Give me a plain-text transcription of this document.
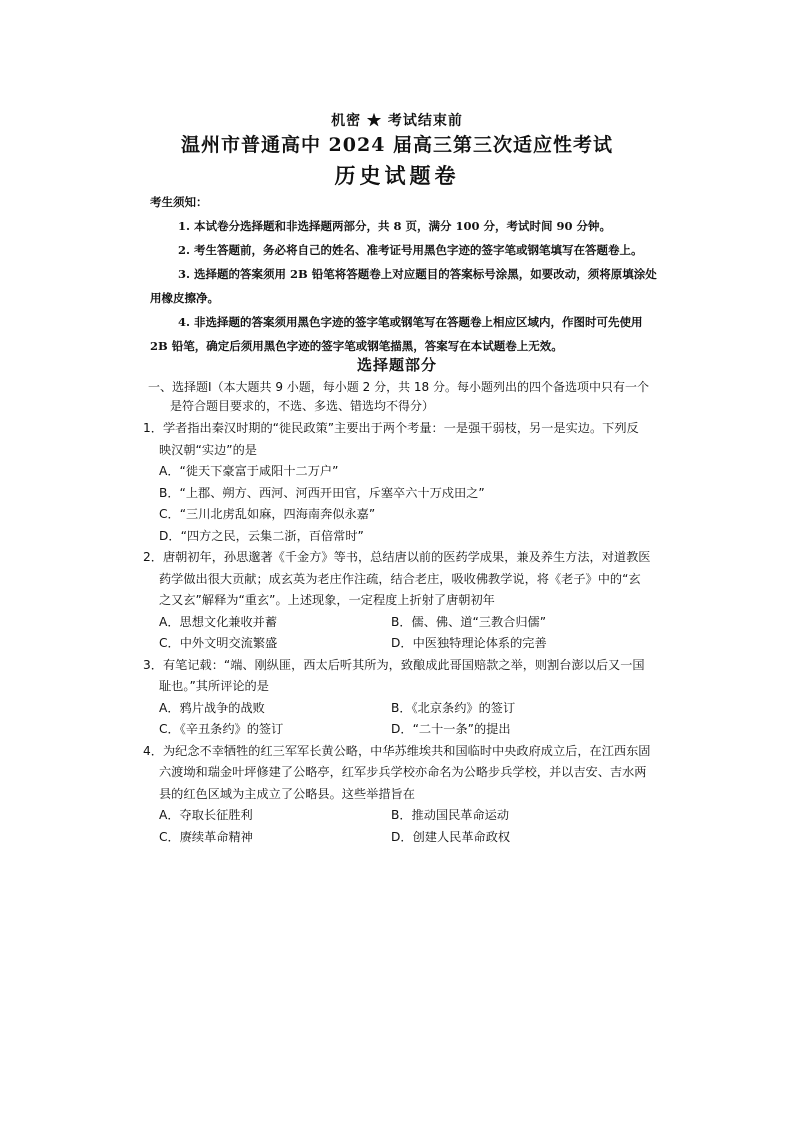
机密 ★ 考试结束前
温州市普通高中 2024 届高三第三次适应性考试
历史试题卷
考生须知：

1. 本试卷分选择题和非选择题两部分，共 8 页，满分 100 分，考试时间 90 分钟。

2. 考生答题前，务必将自己的姓名、准考证号用黑色字迹的签字笔或钢笔填写在答题卷上。

3. 选择题的答案须用 2B 铅笔将答题卷上对应题目的答案标号涂黑，如要改动，须将原填涂处用橡皮擦净。

4. 非选择题的答案须用黑色字迹的签字笔或钢笔写在答题卷上相应区域内，作图时可先使用 2B 铅笔，确定后须用黑色字迹的签字笔或钢笔描黑，答案写在本试题卷上无效。

选择题部分
一、选择题Ⅰ（本大题共 9 小题，每小题 2 分，共 18 分。每小题列出的四个备选项中只有一个
是符合题目要求的，不选、多选、错选均不得分）
1．学者指出秦汉时期的“徙民政策”主要出于两个考量：一是强干弱枝，另一是实边。下列反
映汉朝“实边”的是
A．“徙天下豪富于咸阳十二万户”
B．“上郡、朔方、西河、河西开田官，斥塞卒六十万戍田之”
C．“三川北虏乱如麻，四海南奔似永嘉”
D．“四方之民，云集二浙，百倍常时”
2．唐朝初年，孙思邈著《千金方》等书，总结唐以前的医药学成果，兼及养生方法，对道教医
药学做出很大贡献；成玄英为老庄作注疏，结合老庄，吸收佛教学说，将《老子》中的“玄
之又玄”解释为“重玄”。上述现象，一定程度上折射了唐朝初年
A．思想文化兼收并蓄	B．儒、佛、道“三教合归儒”
C．中外文明交流繁盛	D．中医独特理论体系的完善
3．有笔记载：“端、刚纵匪，西太后听其所为，致酿成此哥国赔款之举，则割台澎以后又一国
耻也。”其所评论的是
A．鸦片战争的战败	B．《北京条约》的签订
C．《辛丑条约》的签订	D．“二十一条”的提出
4．为纪念不幸牺牲的红三军军长黄公略，中华苏维埃共和国临时中央政府成立后，在江西东固
六渡坳和瑞金叶坪修建了公略亭，红军步兵学校亦命名为公略步兵学校，并以吉安、吉水两
县的红色区域为主成立了公略县。这些举措旨在
A．夺取长征胜利	B．推动国民革命运动
C．赓续革命精神	D．创建人民革命政权
